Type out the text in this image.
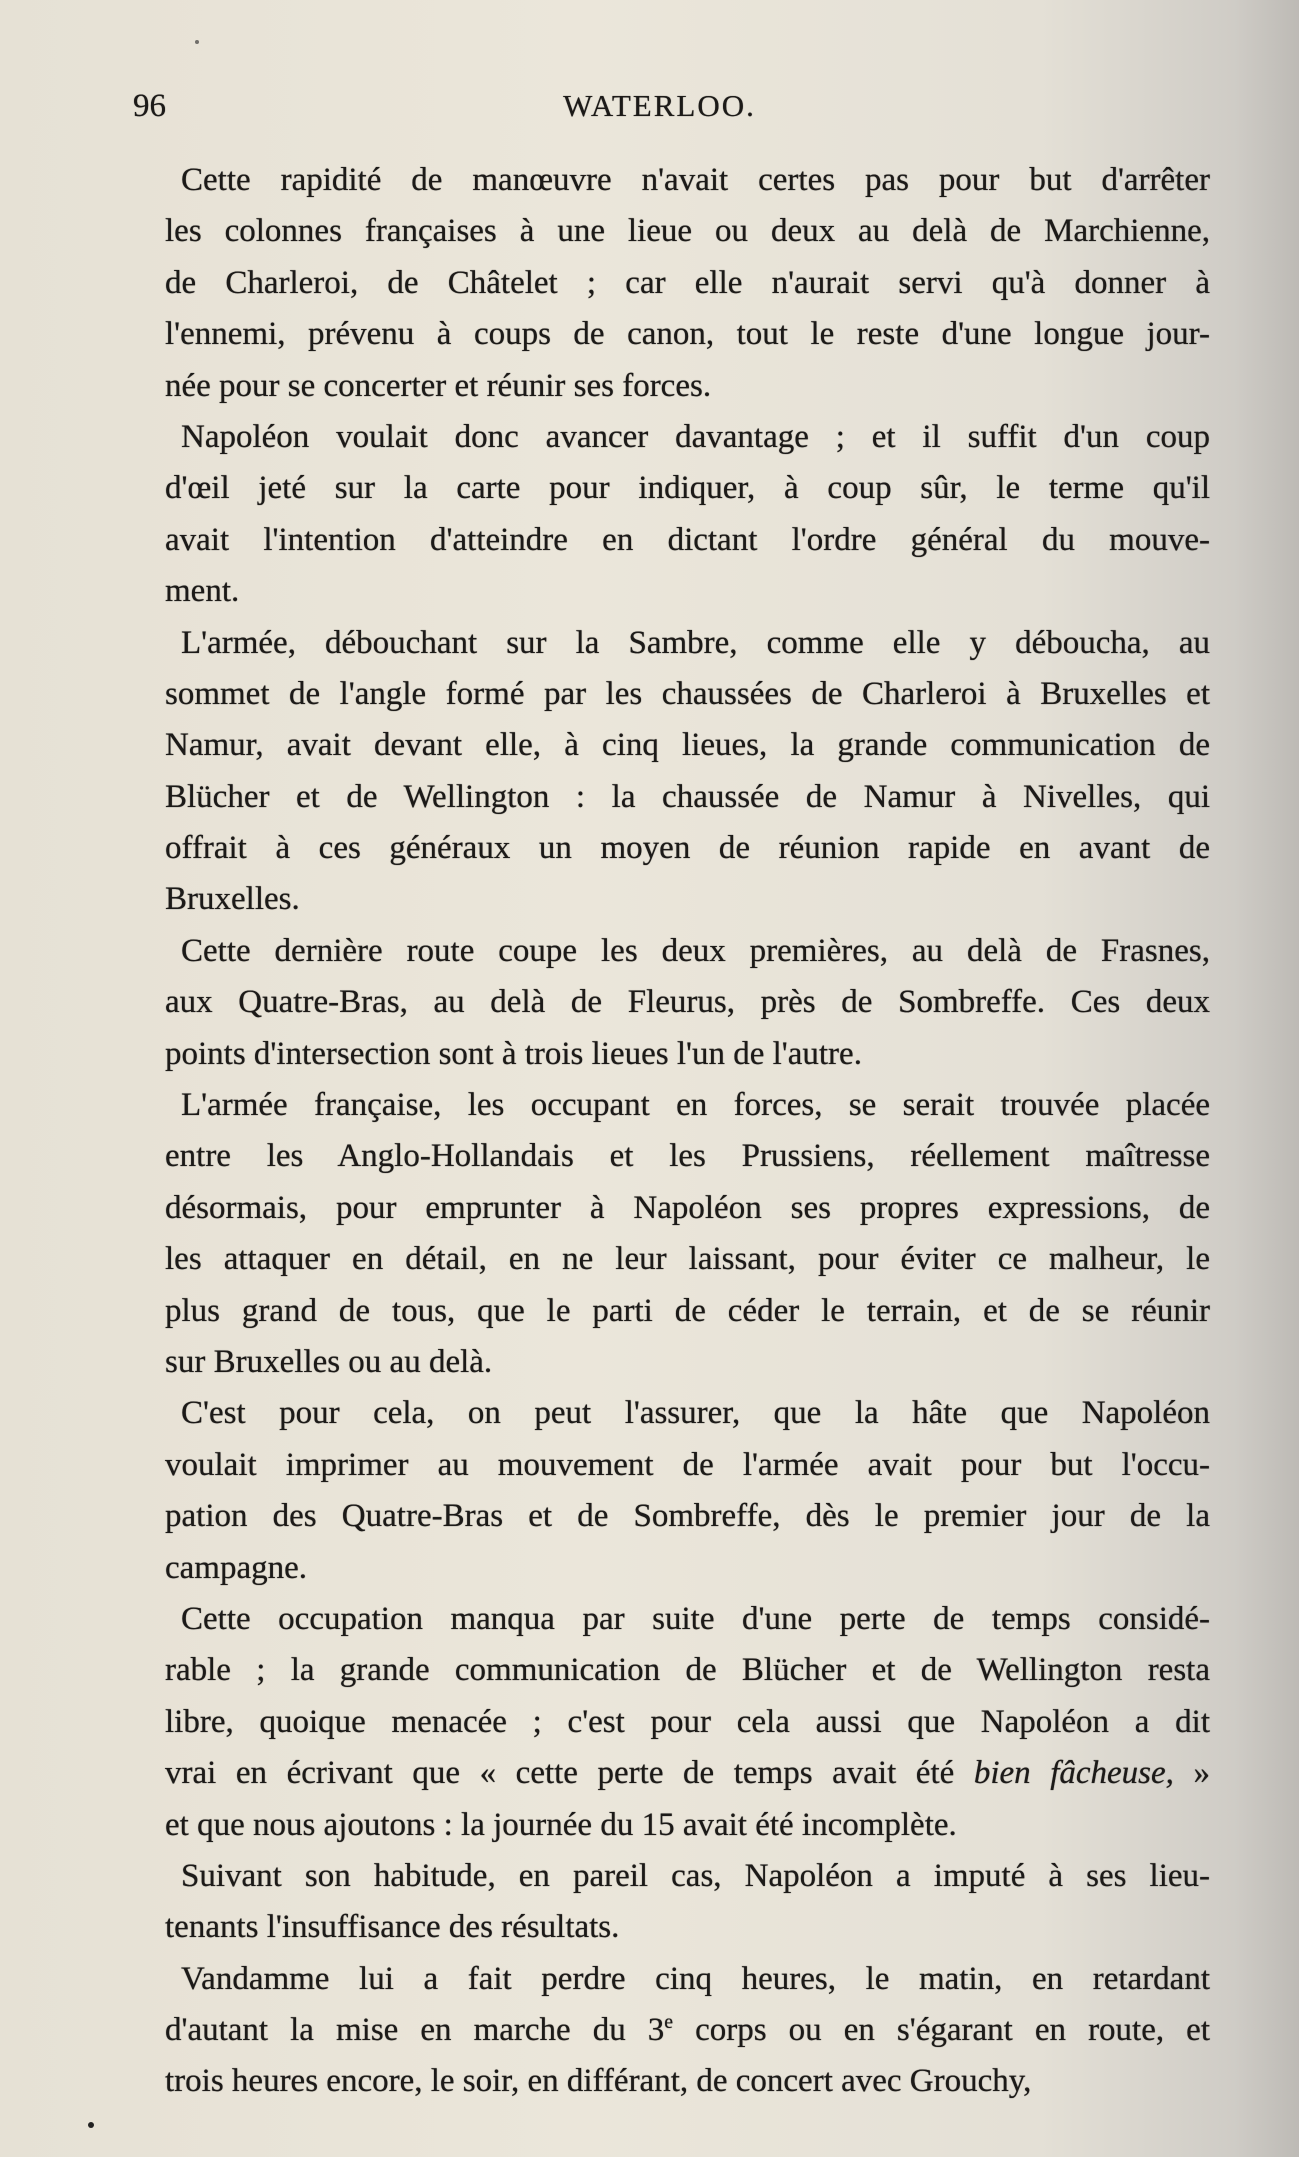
96	WATERLOO.
Cette rapidité de manœuvre n'avait certes pas pour but d'arrêter
les colonnes françaises à une lieue ou deux au delà de Marchienne,
de Charleroi, de Châtelet ; car elle n'aurait servi qu'à donner à
l'ennemi, prévenu à coups de canon, tout le reste d'une longue jour-
née pour se concerter et réunir ses forces.
Napoléon voulait donc avancer davantage ; et il suffit d'un coup
d'œil jeté sur la carte pour indiquer, à coup sûr, le terme qu'il
avait l'intention d'atteindre en dictant l'ordre général du mouve-
ment.
L'armée, débouchant sur la Sambre, comme elle y déboucha, au
sommet de l'angle formé par les chaussées de Charleroi à Bruxelles et
Namur, avait devant elle, à cinq lieues, la grande communication de
Blücher et de Wellington : la chaussée de Namur à Nivelles, qui
offrait à ces généraux un moyen de réunion rapide en avant de
Bruxelles.
Cette dernière route coupe les deux premières, au delà de Frasnes,
aux Quatre-Bras, au delà de Fleurus, près de Sombreffe. Ces deux
points d'intersection sont à trois lieues l'un de l'autre.
L'armée française, les occupant en forces, se serait trouvée placée
entre les Anglo-Hollandais et les Prussiens, réellement maîtresse
désormais, pour emprunter à Napoléon ses propres expressions, de
les attaquer en détail, en ne leur laissant, pour éviter ce malheur, le
plus grand de tous, que le parti de céder le terrain, et de se réunir
sur Bruxelles ou au delà.
C'est pour cela, on peut l'assurer, que la hâte que Napoléon
voulait imprimer au mouvement de l'armée avait pour but l'occu-
pation des Quatre-Bras et de Sombreffe, dès le premier jour de la
campagne.
Cette occupation manqua par suite d'une perte de temps considé-
rable ; la grande communication de Blücher et de Wellington resta
libre, quoique menacée ; c'est pour cela aussi que Napoléon a dit
vrai en écrivant que « cette perte de temps avait été bien fâcheuse, »
et que nous ajoutons : la journée du 15 avait été incomplète.
Suivant son habitude, en pareil cas, Napoléon a imputé à ses lieu-
tenants l'insuffisance des résultats.
Vandamme lui a fait perdre cinq heures, le matin, en retardant
d'autant la mise en marche du 3e corps ou en s'égarant en route, et
trois heures encore, le soir, en différant, de concert avec Grouchy,
